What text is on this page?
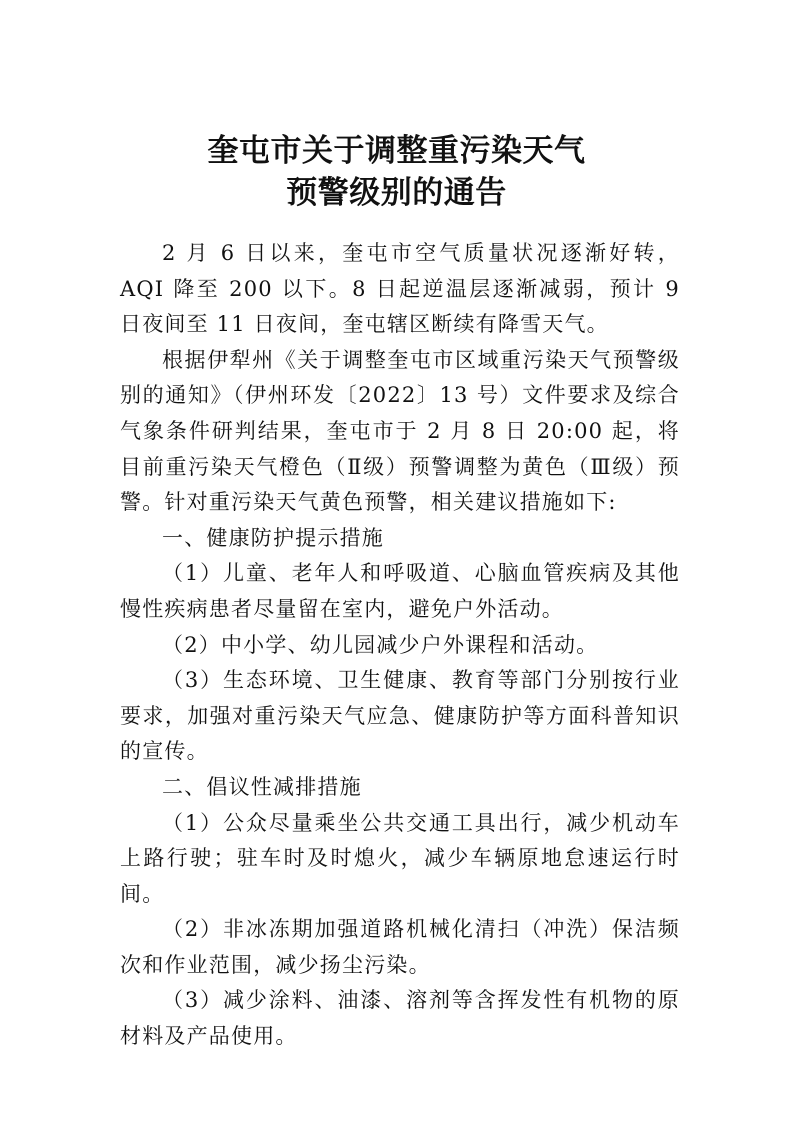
奎屯市关于调整重污染天气
预警级别的通告

2 月 6 日以来，奎屯市空气质量状况逐渐好转，AQI 降至 200 以下。8 日起逆温层逐渐减弱，预计 9 日夜间至 11 日夜间，奎屯辖区断续有降雪天气。

根据伊犁州《关于调整奎屯市区域重污染天气预警级别的通知》（伊州环发〔2022〕13 号）文件要求及综合气象条件研判结果，奎屯市于 2 月 8 日 20:00 起，将目前重污染天气橙色（Ⅱ级）预警调整为黄色（Ⅲ级）预警。针对重污染天气黄色预警，相关建议措施如下:

一、健康防护提示措施

（1）儿童、老年人和呼吸道、心脑血管疾病及其他慢性疾病患者尽量留在室内，避免户外活动。

（2）中小学、幼儿园减少户外课程和活动。

（3）生态环境、卫生健康、教育等部门分别按行业要求，加强对重污染天气应急、健康防护等方面科普知识的宣传。

二、倡议性减排措施

（1）公众尽量乘坐公共交通工具出行，减少机动车上路行驶；驻车时及时熄火，减少车辆原地怠速运行时间。

（2）非冰冻期加强道路机械化清扫（冲洗）保洁频次和作业范围，减少扬尘污染。

（3）减少涂料、油漆、溶剂等含挥发性有机物的原材料及产品使用。
